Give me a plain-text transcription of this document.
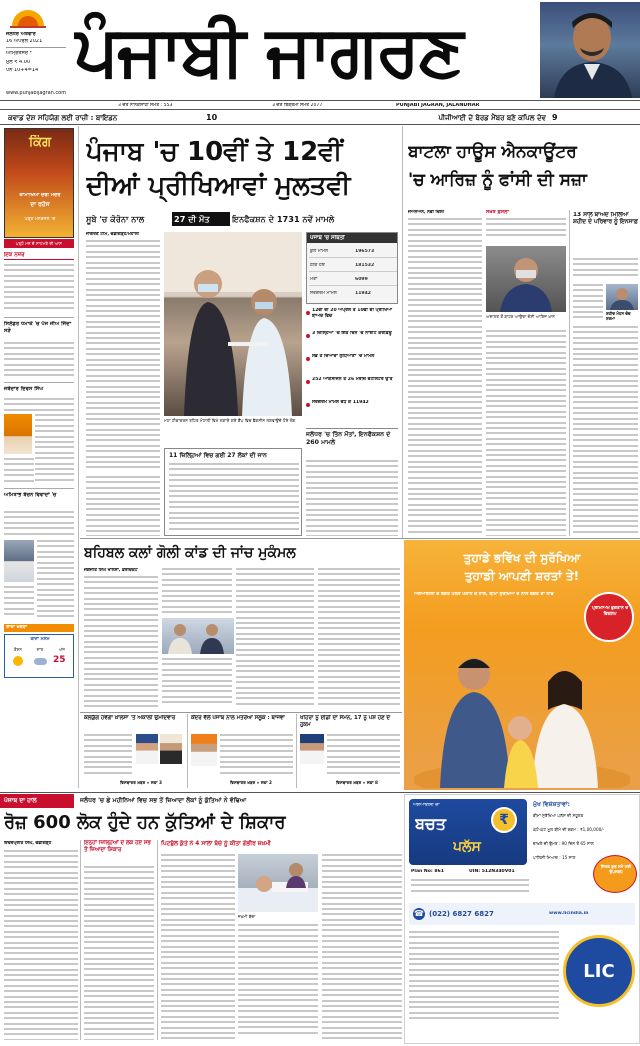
ਜਲੰਧਰ ਐਤਵਾਰ
16 ਅਪਰੈਲ 2021
ਅੰਮ੍ਰਿਤਸਰ *
ਮੁੱਲ ₹ 4.00
ਪੰਨੇ 10+4=14 ਪੰਜਾਬੀ ਜਾਗਰਣ
www.punjabijagran.com
3 ਚੇਤ ਨਾਨਕਸ਼ਾਹੀ ਸੰਮਤ : 553	3 ਚੇਤ ਬਿਕ੍ਰਮੀ ਸੰਮਤ 2077	PUNJABI JAGRAN, JALANDHAR
ਕਵਾਡ ਦੇਸ਼ ਸਹਿਯੋਗ ਲਈ ਰਾਜ਼ੀ : ਬਾਇਡਨ	10	ਪੀਜੀਆਈ ਦੇ ਬੋਰਡ ਮੈਂਬਰ ਬਣੇ ਕਪਿਲ ਦੇਵ 9
ਕਿੰਗ
ਕਾਮਾਖਿਆ ਦੇਵੀ ਮੰਦਰ
ਦਾ ਰਹੱਸ
ਪੜ੍ਹੋ ਮਨੋਰੰਜਨ 'ਚ
ਪੜ੍ਹੋ ਮਨ ਦੇ ਸਾਹਮਣੇ ਦੀ ਆਸ
ਇਕ ਨਜ਼ਰ
ਸਿਲੰਡਰ ਧਮਾਕੇ 'ਚ ਪੰਜ ਜੀਅ ਜਿੰਦਾ ਸੜੇ
ਜਥੇਦਾਰ ਦਿਵਸ ਸਿੰਘ
ਅਮਿਤਾਭ ਬੱਚਨ ਵਿਵਾਦਾਂ 'ਚ
ਤਾਜ਼ਾ ਖ਼ਬਰਾਂ
ਤੀਜਾ ਮੌਸਮ
ਰੌਸ਼ਨ	ਸ਼ਾਂਤ	ਅੱਜ
25
ਪੰਜਾਬ 'ਚ 10ਵੀਂ ਤੇ 12ਵੀਂ
ਦੀਆਂ ਪ੍ਰੀਖਿਆਵਾਂ ਮੁਲਤਵੀ
ਸੂਬੇ 'ਚ ਕੋਰੋਨਾ ਨਾਲ	27 ਦੀ ਮੌਤ	ਇਨਫੈਕਸ਼ਨ ਦੇ 1731 ਨਵੇਂ ਮਾਮਲੇ
ਜਾਗਰਣ ਟੀਮ, ਚੰਡੀਗੜ੍ਹ/ਮੋਹਾਲੀ
ਮਹਾ ਟੀਕਾਕਰਨ ਤਹਿਤ ਮੋਹਾਲੀ ਵਿਖੇ ਲਗਾਏ ਗਏ ਕੈਂਪ ਵਿਚ ਵੈਕਸੀਨ ਲਗਵਾਉਂਦੇ ਹੋਏ ਲੋਕ
ਪੰਜਾਬ 'ਚ ਸਥਿਤੀ
ਕੁੱਲ ਮਾਮਲੇ	196573
ਠੀਕ ਹੋਏ	181532
ਮੌਤਾਂ	6099
ਸਰਗਰਮ ਮਾਮਲੇ	11942
12ਵੀਂ ਦੀ 20 ਅਪ੍ਰੈਲ ਤੇ 10ਵੀਂ ਦੀ ਪ੍ਰੀਖਿਆ ਬਾਅਦ ਵਿਚ
3 ਜ਼ਿਲ੍ਹਿਆਂ 'ਚ ਇਕ ਦਿਨ 'ਚ ਨਾਈਟ ਕਰਫ਼ਿਊ
ਸਭ ਤੋਂ ਜ਼ਿਆਦਾ ਲੁਧਿਆਣਾ 'ਚ ਮਾਮਲੇ
252 ਆਕਸੀਜਨ ਤੇ 26 ਮਰੀਜ਼ ਵੈਂਟੀਲੇਟਰ ਉੱਤੇ
ਸਰਗਰਮ ਮਾਮਲੇ ਵੱਧ ਕੇ 11942
ਜਲੰਧਰ 'ਚ ਤਿੰਨ ਮੌਤਾਂ, ਇਨਫੈਕਸ਼ਨ ਦੇ 260 ਮਾਮਲੇ
11 ਜ਼ਿਲ੍ਹਿਆਂ ਵਿਚ ਗਈ 27 ਲੋਕਾਂ ਦੀ ਜਾਨ
ਬਾਟਲਾ ਹਾਊਸ ਐਨਕਾਊਂਟਰ
'ਚ ਆਰਿਜ਼ ਨੂੰ ਫਾਂਸੀ ਦੀ ਸਜ਼ਾ
ਜੇਐੱਨਐੱਨ, ਨਵੀਂ ਦਿੱਲੀ	ਸਖ਼ਤ ਫ਼ੈਸਲਾ
ਅਦਾਲਤ ਤੋਂ ਬਾਹਰ ਆਉਂਦਾ ਦੋਸ਼ੀ ਆਰਿਜ਼ ਖ਼ਾਨ
13 ਸਾਲ ਬਾਅਦ ਮਿਲਿਆ ਸ਼ਹੀਦ ਦੇ ਪਰਿਵਾਰ ਨੂੰ ਇਨਸਾਫ਼
ਸ਼ਹੀਦ ਮੋਹਨ ਚੰਦ ਸ਼ਰਮਾ
ਬਹਿਬਲ ਕਲਾਂ ਗੋਲੀ ਕਾਂਡ ਦੀ ਜਾਂਚ ਮੁਕੰਮਲ
ਜਗਜੀਤ ਸਿੰਘ ਖਾਲਸਾ, ਫ਼ਰੀਦਕੋਟ
ਕਲਯੁੱਗ ਹੋਵੇਗਾ ਖ਼ਾਲਸਾ 'ਤੇ ਅਕਾਲੀ ਉਮੀਦਵਾਰ
ਵਿਸਥਾਰਤ ਖ਼ਬਰ » ਸਫ਼ਾ 3
ਕੇਂਦਰ ਵੱਲੋਂ ਪੰਜਾਬ ਨਾਲ ਮਤਰੇਆ ਸਲੂਕ : ਬਾਜਵਾ
ਵਿਸਥਾਰਤ ਖ਼ਬਰ » ਸਫ਼ਾ 2
ਖਹਿਰਾ ਨੂੰ ਈਡੀ ਦਾ ਸੰਮਨ, 17 ਨੂੰ ਪੇਸ਼ ਹੋਣ ਦੇ ਹੁਕਮ
ਵਿਸਥਾਰਤ ਖ਼ਬਰ » ਸਫ਼ਾ 8
ਤੁਹਾਡੇ ਭਵਿੱਖ ਦੀ ਸੁਰੱਖਿਆ
ਤੁਹਾਡੀ ਆਪਣੀ ਸ਼ਰਤਾਂ ਤੇ!
ਐਲਆਈਸੀ ਦੇ ਬਚਤ ਪਲੱਸ ਪਲਾਨ ਦੇ ਨਾਲ, ਬੀਮਾ ਸੁਰੱਖਿਆ ਦੇ ਨਾਲ ਬਚਤ ਦਾ ਲਾਭ
ਪ੍ਰੀਮੀਅਮ ਭੁਗਤਾਨ ਦੇ ਵਿਕਲਪ
ਪੰਜਾਬ ਦਾ ਹਾਲ	ਜਲੰਧਰ 'ਚ ਛੇ ਮਹੀਨਿਆਂ ਵਿਚ ਸਭ ਤੋਂ ਜ਼ਿਆਦਾ ਲੋਕਾਂ ਨੂੰ ਕੁੱਤਿਆਂ ਨੇ ਵੱਢਿਆ
ਰੋਜ਼ 600 ਲੋਕ ਹੁੰਦੇ ਹਨ ਕੁੱਤਿਆਂ ਦੇ ਸ਼ਿਕਾਰ
ਇੰਦਰਪ੍ਰੀਤ ਸਿੰਘ, ਚੰਡੀਗੜ੍ਹ	ਇਨ੍ਹਾਂ ਜ਼ਿਲ੍ਹਿਆਂ ਦੇ ਲੋਕ ਹੋਏ ਸਭ ਤੋਂ ਜ਼ਿਆਦਾ ਸ਼ਿਕਾਰ
ਪਿਟਬੁੱਲ ਕੁੱਤੇ ਨੇ 4 ਸਾਲਾ ਬੱਚੇ ਨੂੰ ਕੀਤਾ ਗੰਭੀਰ ਜ਼ਖ਼ਮੀ
ਜ਼ਖ਼ਮੀ ਬੱਚਾ
ਐਲਆਈਸੀ ਦਾ
ਬਚਤ
ਪਲੱਸ
₹
Plan No: 861	UIN: 512N340V01
ਮੁੱਖ ਵਿਸ਼ੇਸ਼ਤਾਵਾਂ:
ਬੀਮਾ ਸੁਰੱਖਿਆ ਪਲੱਸ ਦੀ ਸਹੂਲਤ
ਘੱਟੋ-ਘੱਟ ਮੂਲ ਬੀਮੇ ਦੀ ਰਕਮ : ₹1,00,000/-
ਦਾਖ਼ਲੇ ਦੀ ਉਮਰ : 90 ਦਿਨ ਤੋਂ 65 ਸਾਲ
ਪਾਲਿਸੀ ਮਿਆਦ : 15 ਸਾਲ
ਸਿਰਫ਼ ਕੁਝ ਸਮੇਂ ਲਈ ਉਪਲਬਧ
☎ (022) 6827 6827	www.licindia.in
LIC
